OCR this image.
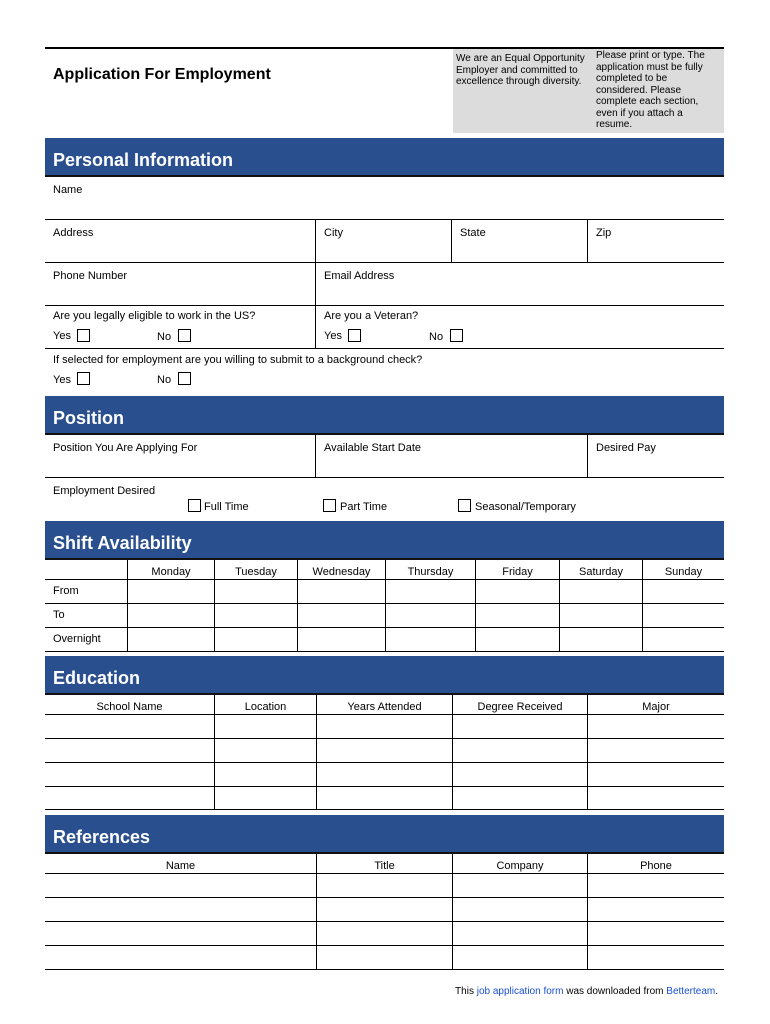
Application For Employment
We are an Equal Opportunity
Employer and committed to
excellence through diversity.
Please print or type. The
application must be fully
completed to be
considered. Please
complete each section,
even if you attach a
resume.
Personal Information
Name
Address	City	State	Zip
Phone Number	Email Address
Are you legally eligible to work in the US?
Yes	No
Are you a Veteran?
Yes	No
If selected for employment are you willing to submit to a background check?
Yes	No
Position
Position You Are Applying For	Available Start Date	Desired Pay
Employment Desired
Full Time	Part Time	Seasonal/Temporary
Shift Availability
Monday	Tuesday	Wednesday	Thursday	Friday	Saturday	Sunday
From
To
Overnight
Education
School Name	Location	Years Attended	Degree Received	Major
References
Name	Title	Company	Phone
This job application form was downloaded from Betterteam.
